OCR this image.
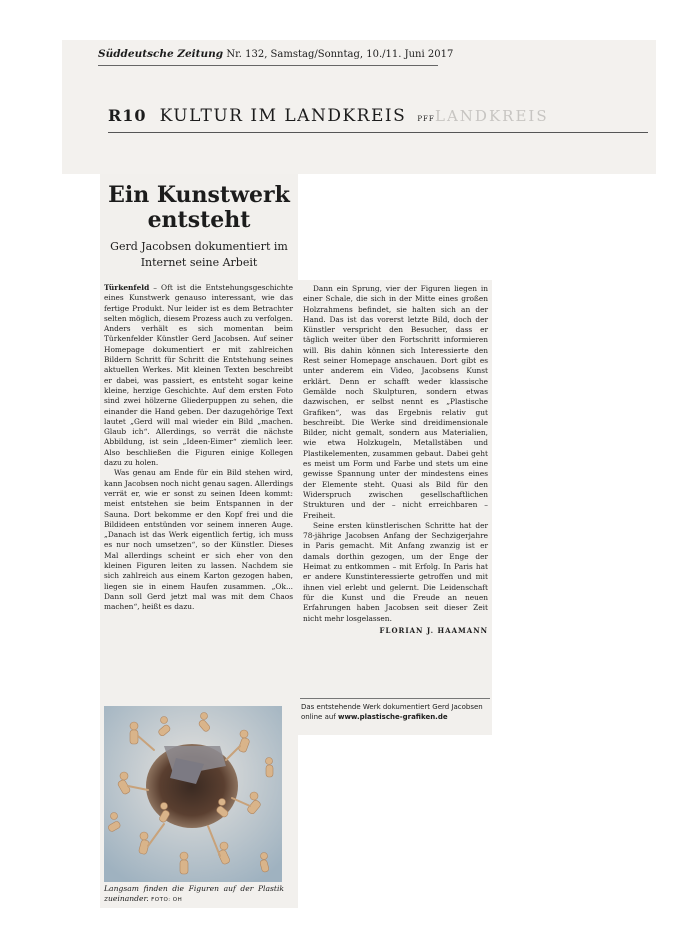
Süddeutsche Zeitung Nr. 132, Samstag/Sonntag, 10./11. Juni 2017
LANDKREIS
R10 KULTUR IM LANDKREIS PFF
Ein Kunstwerk entsteht
Gerd Jacobsen dokumentiert im Internet seine Arbeit

Türkenfeld – Oft ist die Entstehungsgeschichte eines Kunstwerk genauso interessant, wie das fertige Produkt. Nur leider ist es dem Betrachter selten möglich, diesem Prozess auch zu verfolgen. Anders verhält es sich momentan beim Türkenfelder Künstler Gerd Jacobsen. Auf seiner Homepage dokumentiert er mit zahlreichen Bildern Schritt für Schritt die Entstehung seines aktuellen Werkes. Mit kleinen Texten beschreibt er dabei, was passiert, es entsteht sogar keine kleine, herzige Geschichte. Auf dem ersten Foto sind zwei hölzerne Gliederpuppen zu sehen, die einander die Hand geben. Der dazugehörige Text lautet „Gerd will mal wieder ein Bild „machen. Glaub ich“. Allerdings, so verrät die nächste Abbildung, ist sein „Ideen-Eimer“ ziemlich leer. Also beschließen die Figuren einige Kollegen dazu zu holen.

Was genau am Ende für ein Bild stehen wird, kann Jacobsen noch nicht genau sagen. Allerdings verrät er, wie er sonst zu seinen Ideen kommt: meist entstehen sie beim Entspannen in der Sauna. Dort bekomme er den Kopf frei und die Bildideen entstünden vor seinem inneren Auge. „Danach ist das Werk eigentlich fertig, ich muss es nur noch umsetzen“, so der Künstler. Dieses Mal allerdings scheint er sich eher von den kleinen Figuren leiten zu lassen. Nachdem sie sich zahlreich aus einem Karton gezogen haben, liegen sie in einem Haufen zusammen. „Ok... Dann soll Gerd jetzt mal was mit dem Chaos machen“, heißt es dazu.

Dann ein Sprung, vier der Figuren liegen in einer Schale, die sich in der Mitte eines großen Holzrahmens befindet, sie halten sich an der Hand. Das ist das vorerst letzte Bild, doch der Künstler verspricht den Besucher, dass er täglich weiter über den Fortschritt informieren will. Bis dahin können sich Interessierte den Rest seiner Homepage anschauen. Dort gibt es unter anderem ein Video, Jacobsens Kunst erklärt. Denn er schafft weder klassische Gemälde noch Skulpturen, sondern etwas dazwischen, er selbst nennt es „Plastische Grafiken“, was das Ergebnis relativ gut beschreibt. Die Werke sind dreidimensionale Bilder, nicht gemalt, sondern aus Materialien, wie etwa Holzkugeln, Metallstäben und Plastikelementen, zusammen gebaut. Dabei geht es meist um Form und Farbe und stets um eine gewisse Spannung unter der mindestens eines der Elemente steht. Quasi als Bild für den Widerspruch zwischen gesellschaftlichen Strukturen und der – nicht erreichbaren – Freiheit.

Seine ersten künstlerischen Schritte hat der 78-jährige Jacobsen Anfang der Sechzigerjahre in Paris gemacht. Mit Anfang zwanzig ist er damals dorthin gezogen, um der Enge der Heimat zu entkommen – mit Erfolg. In Paris hat er andere Kunstinteressierte getroffen und mit ihnen viel erlebt und gelernt. Die Leidenschaft für die Kunst und die Freude an neuen Erfahrungen haben Jacobsen seit dieser Zeit nicht mehr losgelassen.

FLORIAN J. HAAMANN
Das entstehende Werk dokumentiert Gerd Jacobsen online auf www.plastische-grafiken.de
Langsam finden die Figuren auf der Plastik zueinander. FOTO: OH
